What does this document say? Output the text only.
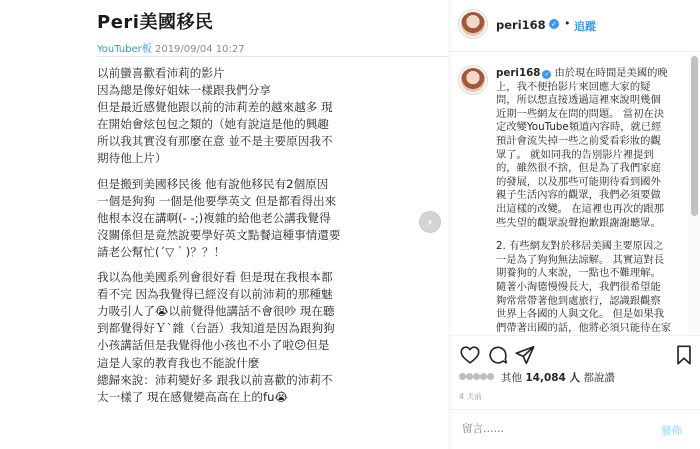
Peri美國移民
YouTuber板 2019/09/04 10:27
以前蠻喜歡看沛莉的影片
因為總是像好姐妹一樣跟我們分享
但是最近感覺他跟以前的沛莉差的越來越多 現
在開始會炫包包之類的（她有說這是他的興趣
所以我其實沒有那麼在意 並不是主要原因我不
期待他上片）
但是搬到美國移民後 他有說他移民有2個原因
一個是狗狗 一個是他要學英文 但是都看得出來
他根本沒在講啊(- -;)複雜的給他老公講我覺得
沒關係但是竟然說要學好英文點餐這種事情還要
請老公幫忙(´▽｀)？？！
我以為他美國系列會很好看 但是現在我根本都
看不完 因為我覺得已經沒有以前沛莉的那種魅
力吸引人了😭以前覺得他講話不會很吵 現在聽
到都覺得好Ｙˋ雜（台語）我知道是因為跟狗狗
小孩講話但是我覺得他小孩也不小了啦😕但是
這是人家的教育我也不能說什麼
總歸來說：沛莉變好多 跟我以前喜歡的沛莉不
太一樣了 現在感覺變高高在上的fu😭
›
peri168 ✓ • 追蹤
peri168 ✓ 由於現在時間是美國的晚
上，我不便抬影片來回應大家的疑
問，所以想直接透過這裡來說明幾個
近期一些網友在問的問題。 當初在決
定改變YouTube頻道內容時，就已經
預計會流失掉一些之前愛看彩妝的觀
眾了。 就如同我的告別影片裡提到
的，雖然很不捨，但是為了我們家庭
的發展，以及那些可能期待看到國外
親子生活內容的觀眾，我們必須要做
出這樣的改變。 在這裡也再次的跟那
些失望的觀眾說聲抱歉跟謝謝聽眾。
2. 有些網友對於移居美國主要原因之
一是為了狗狗無法諒解。 其實這對長
期養狗的人來說，一點也不難理解。
隨著小淘德慢慢長大，我們很希望能
夠常常帶著他到處旅行，認識跟觀察
世界上各國的人與文化。 但是如果我
們帶著出國的話，他將必須只能待在家
其他 14,084 人 都說讚
4 天前
留言……
發佈
